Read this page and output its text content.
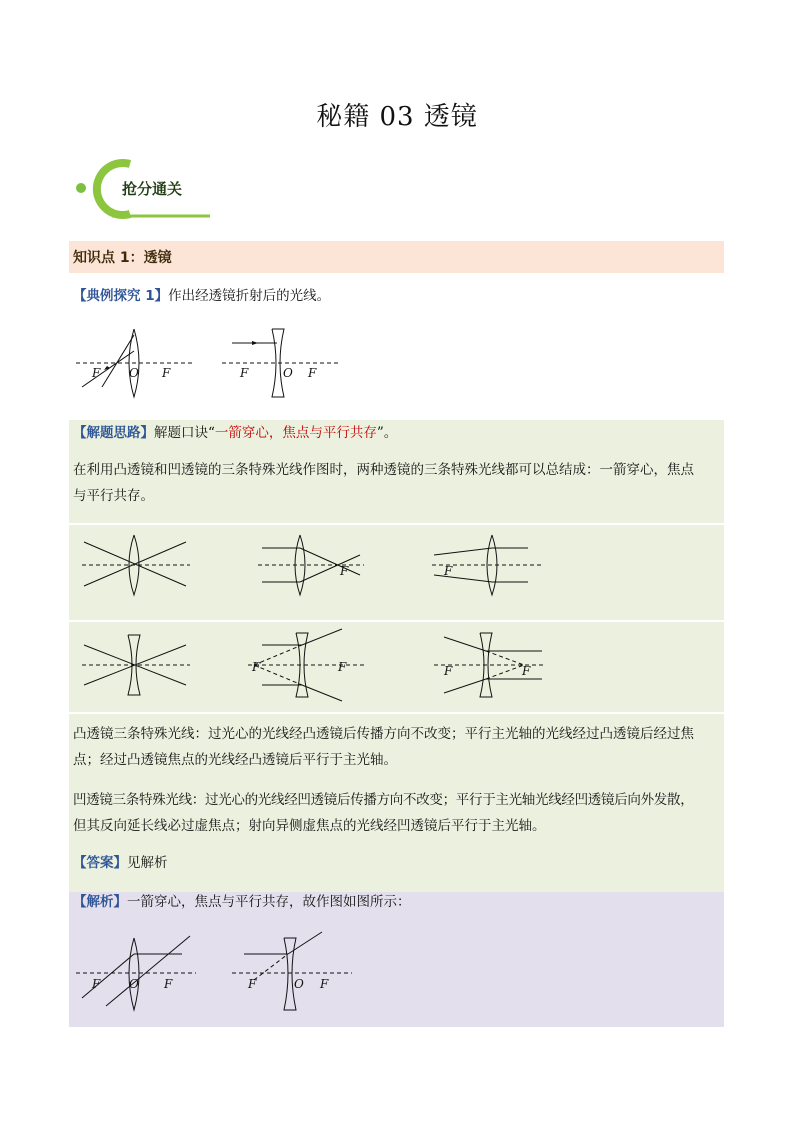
秘籍 03 透镜
抢分通关
知识点 1：透镜
【典例探究 1】作出经透镜折射后的光线。
F O F	F	O F
【解题思路】解题口诀“一箭穿心，焦点与平行共存”。
在利用凸透镜和凹透镜的三条特殊光线作图时，两种透镜的三条特殊光线都可以总结成：一箭穿心，焦点
与平行共存。
F	F
F	F	F	F
凸透镜三条特殊光线：过光心的光线经凸透镜后传播方向不改变；平行主光轴的光线经过凸透镜后经过焦
点；经过凸透镜焦点的光线经凸透镜后平行于主光轴。
凹透镜三条特殊光线：过光心的光线经凹透镜后传播方向不改变；平行于主光轴光线经凹透镜后向外发散，
但其反向延长线必过虚焦点；射向异侧虚焦点的光线经凹透镜后平行于主光轴。
【答案】见解析
【解析】一箭穿心，焦点与平行共存，故作图如图所示：
F O F	F	O F
